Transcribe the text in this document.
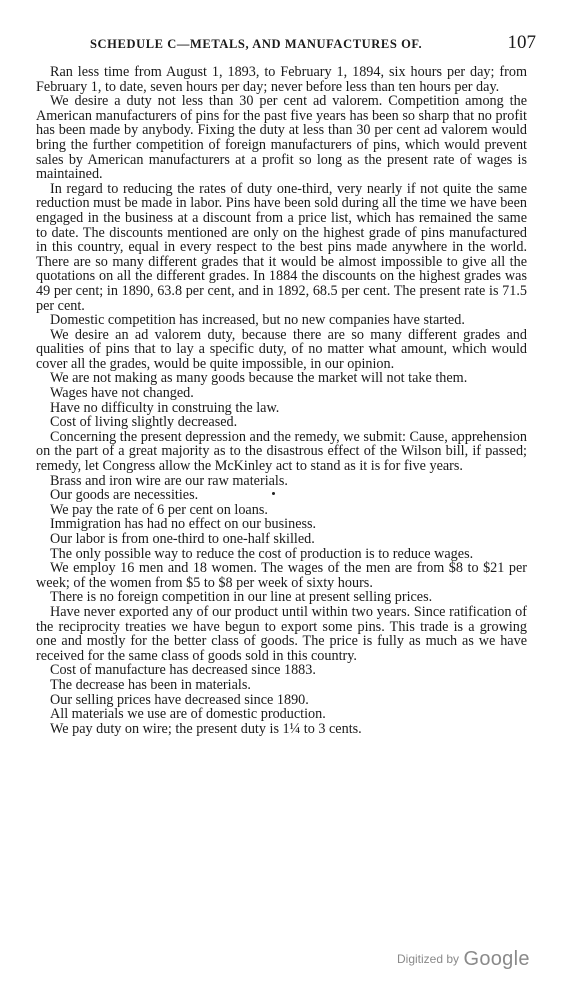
SCHEDULE C—METALS, AND MANUFACTURES OF.	107

Ran less time from August 1, 1893, to February 1, 1894, six hours per day; from February 1, to date, seven hours per day; never before less than ten hours per day.

We desire a duty not less than 30 per cent ad valorem. Competition among the American manufacturers of pins for the past five years has been so sharp that no profit has been made by anybody. Fixing the duty at less than 30 per cent ad valorem would bring the further competition of foreign manufacturers of pins, which would prevent sales by American manufacturers at a profit so long as the present rate of wages is maintained.

In regard to reducing the rates of duty one-third, very nearly if not quite the same reduction must be made in labor. Pins have been sold during all the time we have been engaged in the business at a discount from a price list, which has remained the same to date. The discounts mentioned are only on the highest grade of pins manufactured in this country, equal in every respect to the best pins made anywhere in the world. There are so many different grades that it would be almost impossible to give all the quotations on all the different grades. In 1884 the discounts on the highest grades was 49 per cent; in 1890, 63.8 per cent, and in 1892, 68.5 per cent. The present rate is 71.5 per cent.

Domestic competition has increased, but no new companies have started.

We desire an ad valorem duty, because there are so many different grades and qualities of pins that to lay a specific duty, of no matter what amount, which would cover all the grades, would be quite impossible, in our opinion.

We are not making as many goods because the market will not take them.

Wages have not changed.

Have no difficulty in construing the law.

Cost of living slightly decreased.

Concerning the present depression and the remedy, we submit: Cause, apprehension on the part of a great majority as to the disastrous effect of the Wilson bill, if passed; remedy, let Congress allow the McKinley act to stand as it is for five years.

Brass and iron wire are our raw materials.

Our goods are necessities.

We pay the rate of 6 per cent on loans.

Immigration has had no effect on our business.

Our labor is from one-third to one-half skilled.

The only possible way to reduce the cost of production is to reduce wages.

We employ 16 men and 18 women. The wages of the men are from $8 to $21 per week; of the women from $5 to $8 per week of sixty hours.

There is no foreign competition in our line at present selling prices.

Have never exported any of our product until within two years. Since ratification of the reciprocity treaties we have begun to export some pins. This trade is a growing one and mostly for the better class of goods. The price is fully as much as we have received for the same class of goods sold in this country.

Cost of manufacture has decreased since 1883.

The decrease has been in materials.

Our selling prices have decreased since 1890.

All materials we use are of domestic production.

We pay duty on wire; the present duty is 1¼ to 3 cents.

Digitized by Google
